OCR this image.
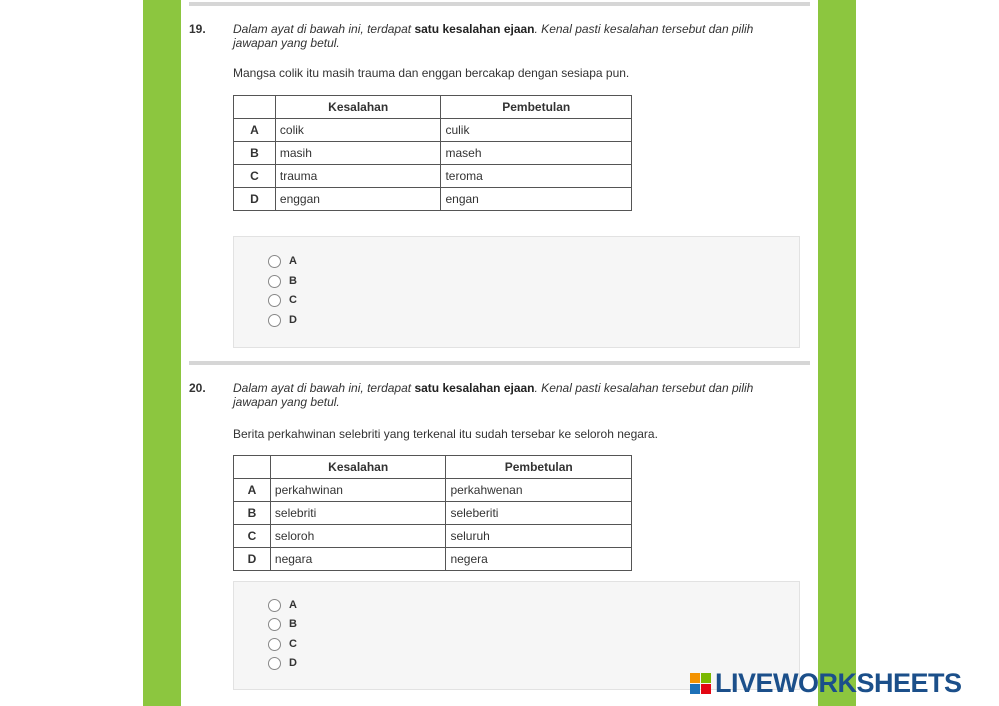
19. Dalam ayat di bawah ini, terdapat satu kesalahan ejaan. Kenal pasti kesalahan tersebut dan pilih jawapan yang betul.
Mangsa colik itu masih trauma dan enggan bercakap dengan sesiapa pun.
	Kesalahan	Pembetulan
A	colik	culik
B	masih	maseh
C	trauma	teroma
D	enggan	engan
A
B
C
D
20. Dalam ayat di bawah ini, terdapat satu kesalahan ejaan. Kenal pasti kesalahan tersebut dan pilih jawapan yang betul.
Berita perkahwinan selebriti yang terkenal itu sudah tersebar ke seloroh negara.
	Kesalahan	Pembetulan
A	perkahwinan	perkahwenan
B	selebriti	seleberiti
C	seloroh	seluruh
D	negara	negera
A
B
C
D
LIVEWORKSHEETS
